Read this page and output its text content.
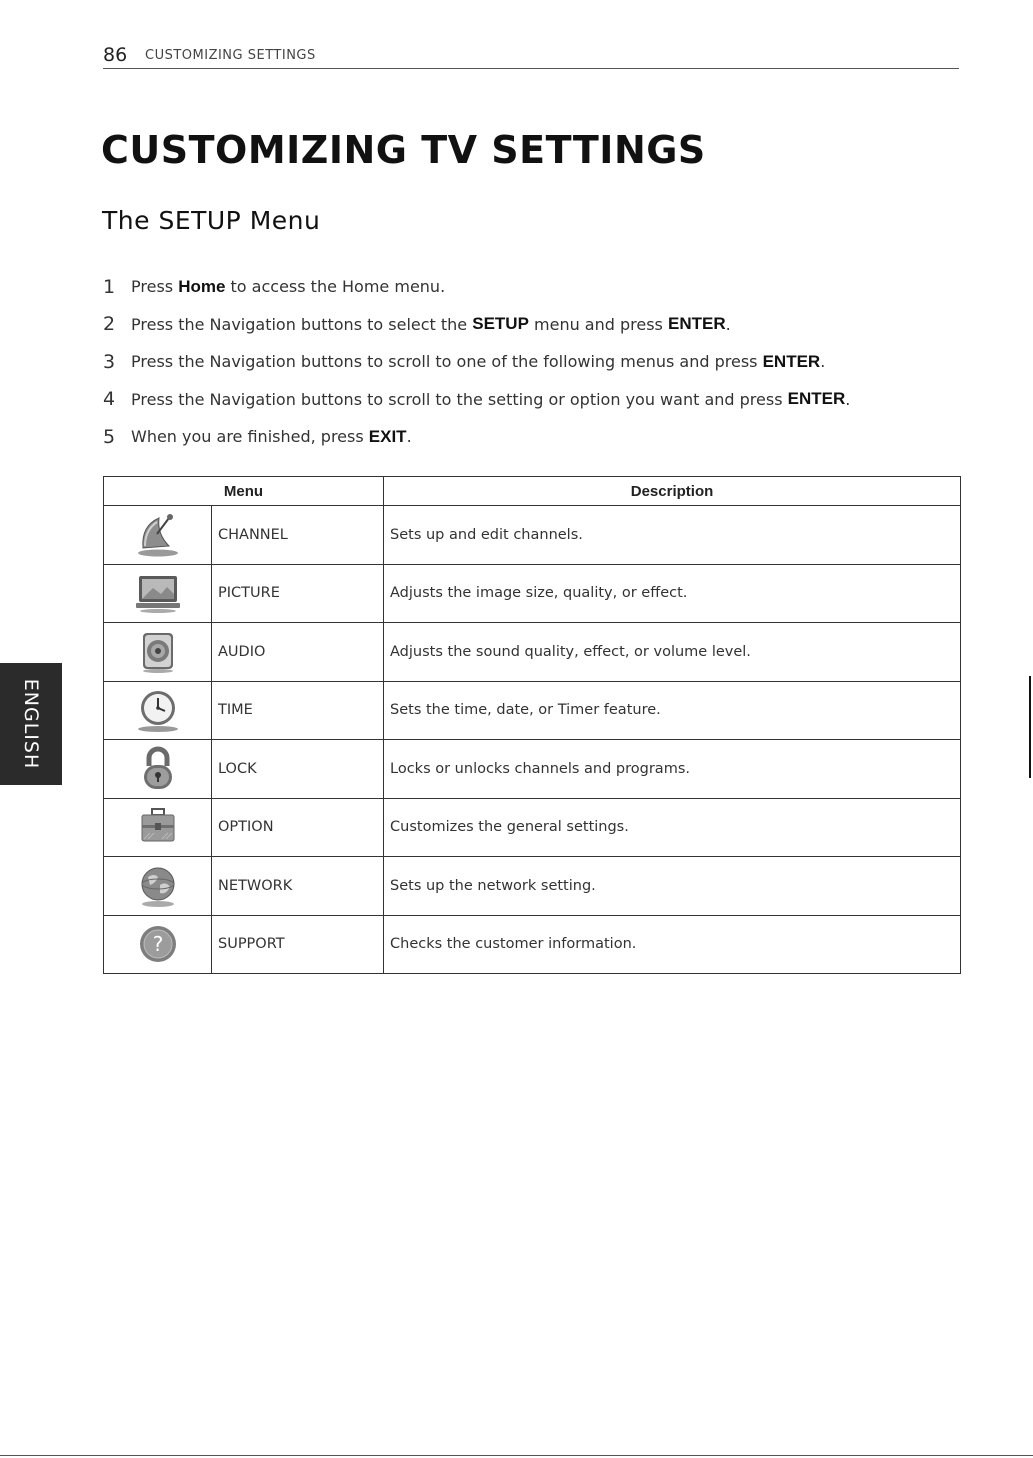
86 CUSTOMIZING SETTINGS
CUSTOMIZING TV SETTINGS
The SETUP Menu
1 Press Home to access the Home menu.
2 Press the Navigation buttons to select the SETUP menu and press ENTER .
3 Press the Navigation buttons to scroll to one of the following menus and press ENTER .
4 Press the Navigation buttons to scroll to the setting or option you want and press ENTER .
5 When you are finished, press EXIT .
Menu		Description
	CHANNEL	Sets up and edit channels.
	PICTURE	Adjusts the image size, quality, or effect.
	AUDIO	Adjusts the sound quality, effect, or volume level.
	TIME	Sets the time, date, or Timer feature.
	LOCK	Locks or unlocks channels and programs.
	OPTION	Customizes the general settings.
	NETWORK	Sets up the network setting.

?	SUPPORT	Checks the customer information.
ENGLISH
